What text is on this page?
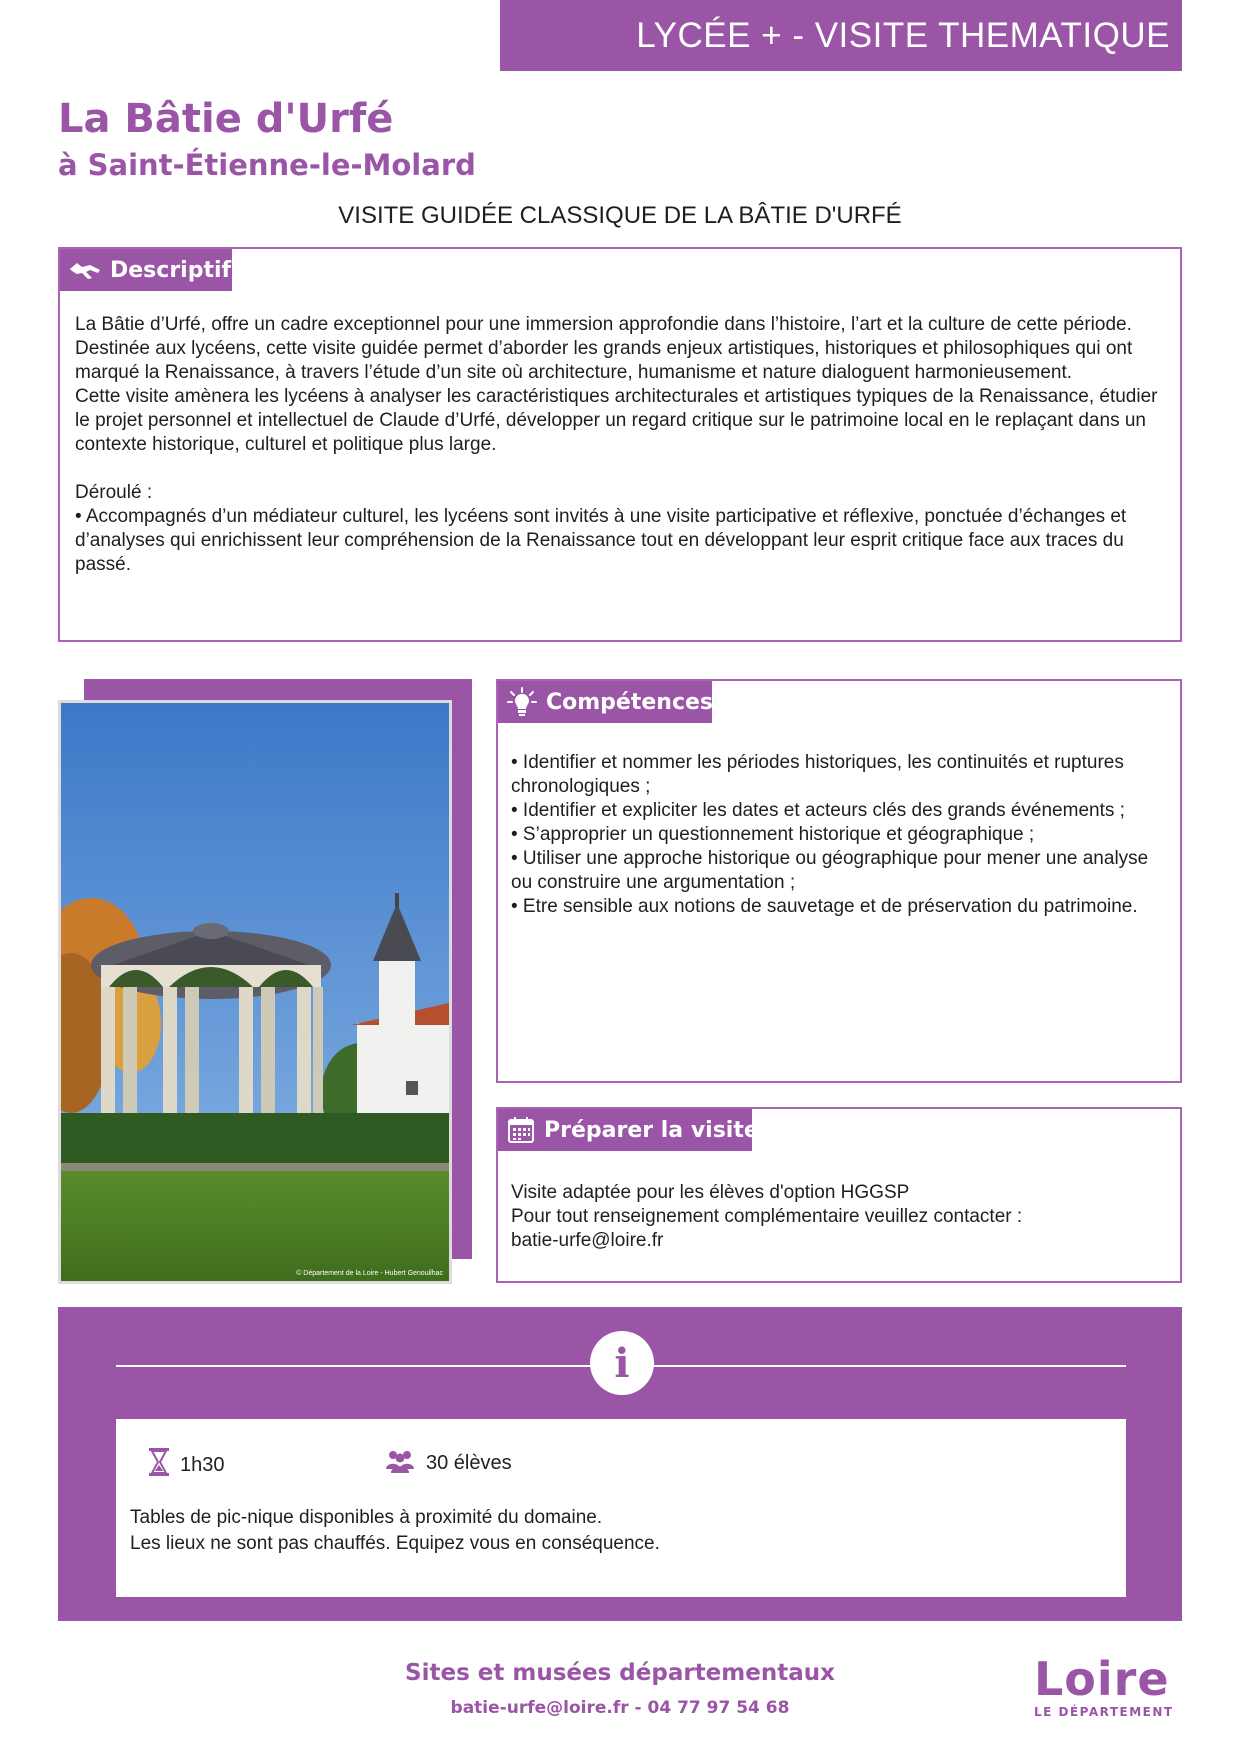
LYCÉE + - VISITE THEMATIQUE
La Bâtie d'Urfé
à Saint-Étienne-le-Molard
VISITE GUIDÉE CLASSIQUE DE LA BÂTIE D'URFÉ
Descriptif

La Bâtie d’Urfé, offre un cadre exceptionnel pour une immersion approfondie dans l’histoire, l’art et la culture de cette période. Destinée aux lycéens, cette visite guidée permet d’aborder les grands enjeux artistiques, historiques et philosophiques qui ont marqué la Renaissance, à travers l’étude d’un site où architecture, humanisme et nature dialoguent harmonieusement.

Cette visite amènera les lycéens à analyser les caractéristiques architecturales et artistiques typiques de la Renaissance, étudier le projet personnel et intellectuel de Claude d’Urfé, développer un regard critique sur le patrimoine local en le replaçant dans un contexte historique, culturel et politique plus large.

Déroulé :
• Accompagnés d’un médiateur culturel, les lycéens sont invités à une visite participative et réflexive, ponctuée d’échanges et d’analyses qui enrichissent leur compréhension de la Renaissance tout en développant leur esprit critique face aux traces du passé.

© Département de la Loire - Hubert Genouilhac
Compétences

• Identifier et nommer les périodes historiques, les continuités et ruptures chronologiques ;

• Identifier et expliciter les dates et acteurs clés des grands événements ;

• S’approprier un questionnement historique et géographique ;

• Utiliser une approche historique ou géographique pour mener une analyse ou construire une argumentation ;

• Etre sensible aux notions de sauvetage et de préservation du patrimoine.

Préparer la visite

Visite adaptée pour les élèves d'option HGGSP

Pour tout renseignement complémentaire veuillez contacter :

batie-urfe@loire.fr

i
1h30	30 élèves
Tables de pic-nique disponibles à proximité du domaine.
Les lieux ne sont pas chauffés. Equipez vous en conséquence.
Sites et musées départementaux
batie-urfe@loire.fr - 04 77 97 54 68
Loire
LE DÉPARTEMENT
